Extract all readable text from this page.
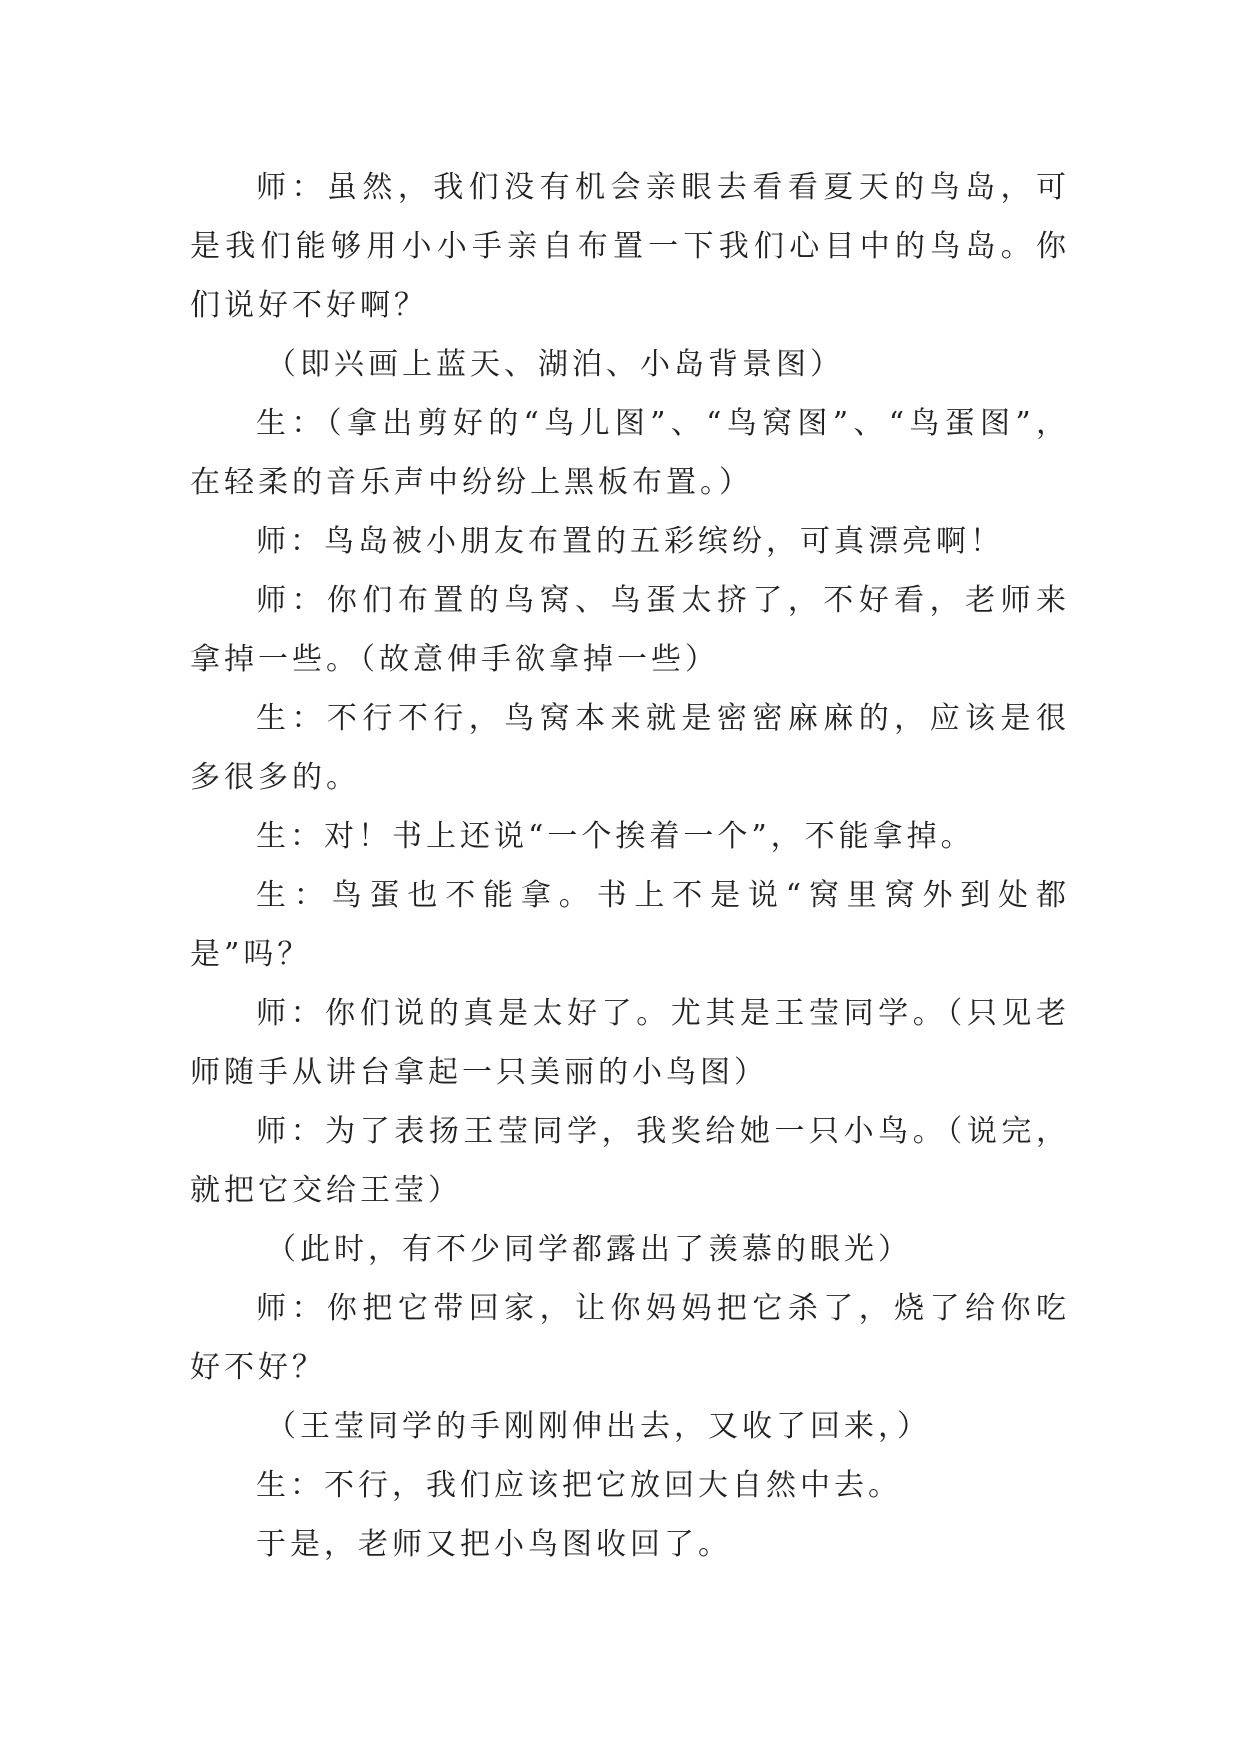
师：虽然，我们没有机会亲眼去看看夏天的鸟岛，可是我们能够用小小手亲自布置一下我们心目中的鸟岛。你们说好不好啊？

（即兴画上蓝天、湖泊、小岛背景图）

生：（拿出剪好的“鸟儿图”、“鸟窝图”、“鸟蛋图”，在轻柔的音乐声中纷纷上黑板布置。）

师：鸟岛被小朋友布置的五彩缤纷，可真漂亮啊！

师：你们布置的鸟窝、鸟蛋太挤了，不好看，老师来拿掉一些。（故意伸手欲拿掉一些）

生：不行不行，鸟窝本来就是密密麻麻的，应该是很多很多的。

生：对！书上还说“一个挨着一个”，不能拿掉。

生：鸟蛋也不能拿。书上不是说“窝里窝外到处都是”吗？

师：你们说的真是太好了。尤其是王莹同学。（只见老师随手从讲台拿起一只美丽的小鸟图）

师：为了表扬王莹同学，我奖给她一只小鸟。（说完，就把它交给王莹）

（此时，有不少同学都露出了羡慕的眼光）

师：你把它带回家，让你妈妈把它杀了，烧了给你吃好不好？

（王莹同学的手刚刚伸出去，又收了回来，）

生：不行，我们应该把它放回大自然中去。

于是，老师又把小鸟图收回了。
